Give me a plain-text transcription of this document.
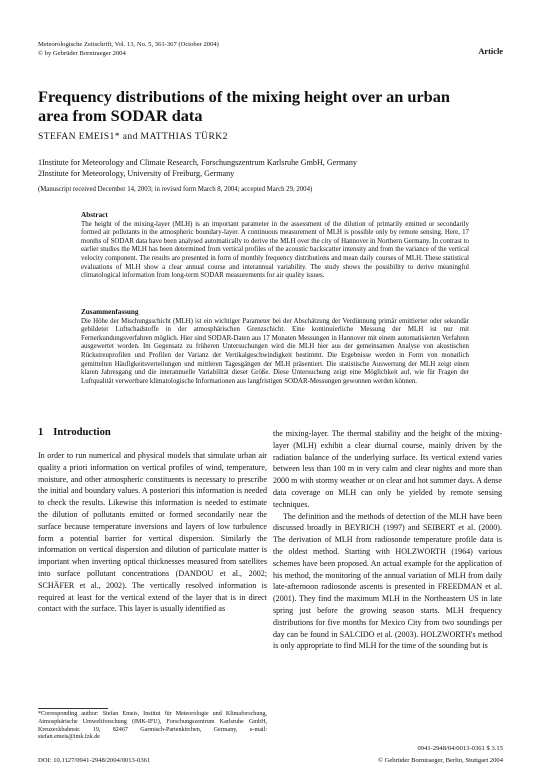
Meteorologische Zeitschrift, Vol. 13, No. 5, 361-367 (October 2004)
© by Gebrüder Borntraeger 2004	Article
Frequency distributions of the mixing height over an urban area from SODAR data
STEFAN EMEIS1* and MATTHIAS TÜRK2
1Institute for Meteorology and Climate Research, Forschungszentrum Karlsruhe GmbH, Germany
2Institute for Meteorology, University of Freiburg, Germany
(Manuscript received December 14, 2003; in revised form March 8, 2004; accepted March 29, 2004)
Abstract
The height of the mixing-layer (MLH) is an important parameter in the assessment of the dilution of primarily emitted or secondarily formed air pollutants in the atmospheric boundary-layer. A continuous measurement of MLH is possible only by remote sensing. Here, 17 months of SODAR data have been analysed automatically to derive the MLH over the city of Hannover in Northern Germany. In contrast to earlier studies the MLH has been determined from vertical profiles of the acoustic backscatter intensity and from the variance of the vertical velocity component. The results are presented in form of monthly frequency distributions and mean daily courses of MLH. These statistical evaluations of MLH show a clear annual course and interannual variability. The study shows the possibility to derive meaningful climatological information from long-term SODAR measurements for air quality issues.
Zusammenfassung
Die Höhe der Mischungsschicht (MLH) ist ein wichtiger Parameter bei der Abschätzung der Verdünnung primär emittierter oder sekundär gebildeter Luftschadstoffe in der atmosphärischen Grenzschicht. Eine kontinuierliche Messung der MLH ist nur mit Fernerkundungsverfahren möglich. Hier sind SODAR-Daten aus 17 Monaten Messungen in Hannover mit einem automatisierten Verfahren ausgewertet worden. Im Gegensatz zu früheren Untersuchungen wird die MLH hier aus der gemeinsamen Analyse von akustischen Rückstreuprofilen und Profilen der Varianz der Vertikalgeschwindigkeit bestimmt. Die Ergebnisse werden in Form von monatlich gemittelten Häufigkeitsverteilungen und mittleren Tagesgängen der MLH präsentiert. Die statistische Auswertung der MLH zeigt einen klaren Jahresgang und die interannuelle Variabilität dieser Größe. Diese Untersuchung zeigt eine Möglichkeit auf, wie für Fragen der Luftqualität verwertbare klimatologische Informationen aus langfristigen SODAR-Messungen gewonnen werden können.
1 Introduction

In order to run numerical and physical models that simulate urban air quality a priori information on vertical profiles of wind, temperature, moisture, and other atmospheric constituents is necessary to prescribe the initial and boundary values. A posteriori this information is needed to check the results. Likewise this information is needed to estimate the dilution of pollutants emitted or formed secondarily near the surface because temperature inversions and layers of low turbulence form a potential barrier for vertical dispersion. Similarly the information on vertical dispersion and dilution of particulate matter is important when inverting optical thicknesses measured from satellites into surface pollutant concentrations (DANDOU et al., 2002; SCHÄFER et al., 2002). The vertically resolved information is required at least for the vertical extend of the layer that is in direct contact with the surface. This layer is usually identified as

the mixing-layer. The thermal stability and the height of the mixing-layer (MLH) exhibit a clear diurnal course, mainly driven by the radiation balance of the underlying surface. Its vertical extend varies between less than 100 m in very calm and clear nights and more than 2000 m with stormy weather or on clear and hot summer days. A dense data coverage on MLH can only be yielded by remote sensing techniques.

The definition and the methods of detection of the MLH have been discussed broadly in BEYRICH (1997) and SEIBERT et al. (2000). The derivation of MLH from radiosonde temperature profile data is the oldest method. Starting with HOLZWORTH (1964) various schemes have been proposed. An actual example for the application of his method, the monitoring of the annual variation of MLH from daily late-afternoon radiosonde ascents is presented in FREEDMAN et al. (2001). They find the maximum MLH in the Northeastern US in late spring just before the growing season starts. MLH frequency distributions for five months for Mexico City from two soundings per day can be found in SALCIDO et al. (2003). HOLZWORTH's method is only appropriate to find MLH for the time of the sounding but is

*Corresponding author: Stefan Emeis, Institut für Meteorologie und Klimaforschung, Atmosphärische Umweltforschung (IMK-IFU), Forschungszentrum Karlsruhe GmbH, Kreuzeckbahnstr. 19, 82467 Garmisch-Partenkirchen, Germany, e-mail: stefan.emeis@imk.fzk.de
DOI: 10.1127/0941-2948/2004/0013-0361
0941-2948/04/0013-0361 $ 3.15
© Gebrüder Borntraeger, Berlin, Stuttgart 2004
